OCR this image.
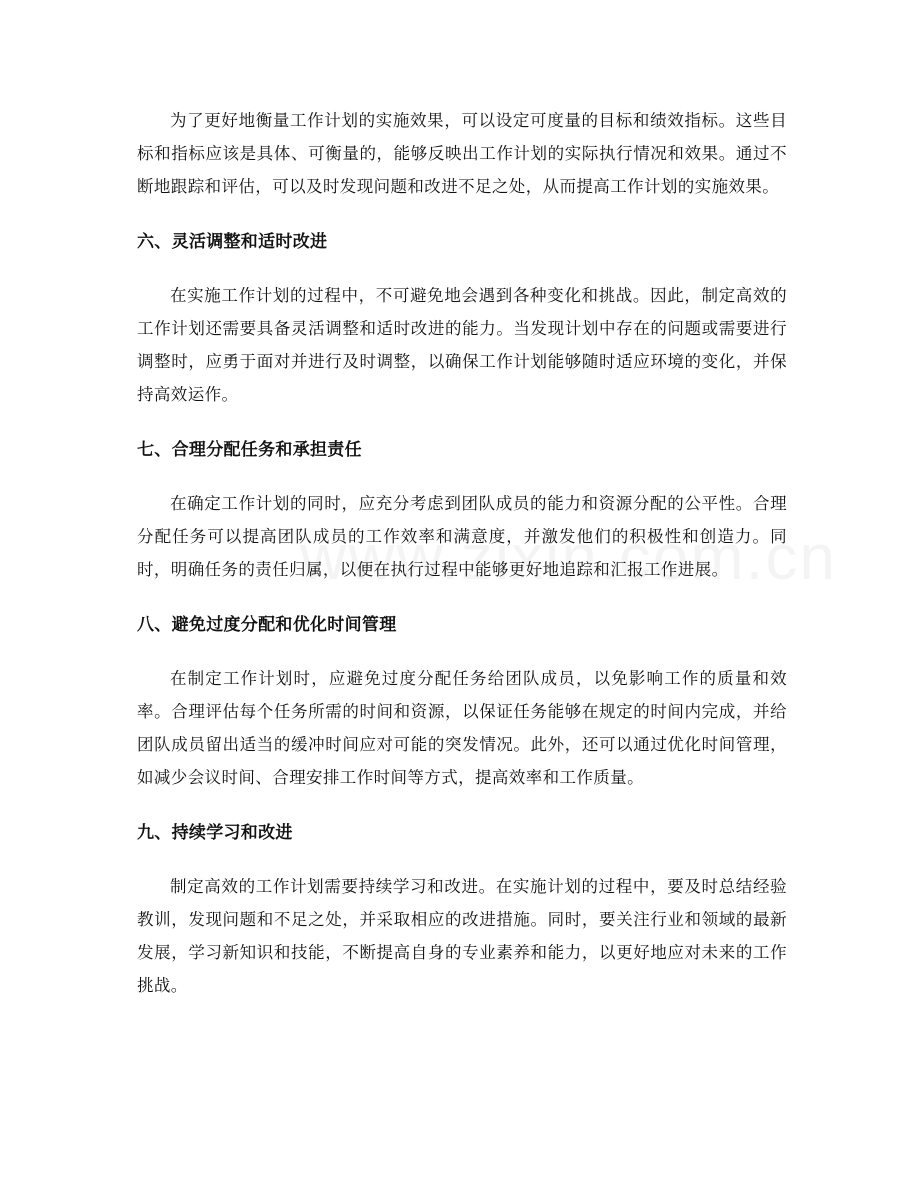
为了更好地衡量工作计划的实施效果，可以设定可度量的目标和绩效指标。这些目标和指标应该是具体、可衡量的，能够反映出工作计划的实际执行情况和效果。通过不断地跟踪和评估，可以及时发现问题和改进不足之处，从而提高工作计划的实施效果。

六、灵活调整和适时改进

在实施工作计划的过程中，不可避免地会遇到各种变化和挑战。因此，制定高效的工作计划还需要具备灵活调整和适时改进的能力。当发现计划中存在的问题或需要进行调整时，应勇于面对并进行及时调整，以确保工作计划能够随时适应环境的变化，并保持高效运作。

七、合理分配任务和承担责任

在确定工作计划的同时，应充分考虑到团队成员的能力和资源分配的公平性。合理分配任务可以提高团队成员的工作效率和满意度，并激发他们的积极性和创造力。同时，明确任务的责任归属，以便在执行过程中能够更好地追踪和汇报工作进展。

八、避免过度分配和优化时间管理

在制定工作计划时，应避免过度分配任务给团队成员，以免影响工作的质量和效率。合理评估每个任务所需的时间和资源，以保证任务能够在规定的时间内完成，并给团队成员留出适当的缓冲时间应对可能的突发情况。此外，还可以通过优化时间管理，如减少会议时间、合理安排工作时间等方式，提高效率和工作质量。

九、持续学习和改进

制定高效的工作计划需要持续学习和改进。在实施计划的过程中，要及时总结经验教训，发现问题和不足之处，并采取相应的改进措施。同时，要关注行业和领域的最新发展，学习新知识和技能，不断提高自身的专业素养和能力，以更好地应对未来的工作挑战。
